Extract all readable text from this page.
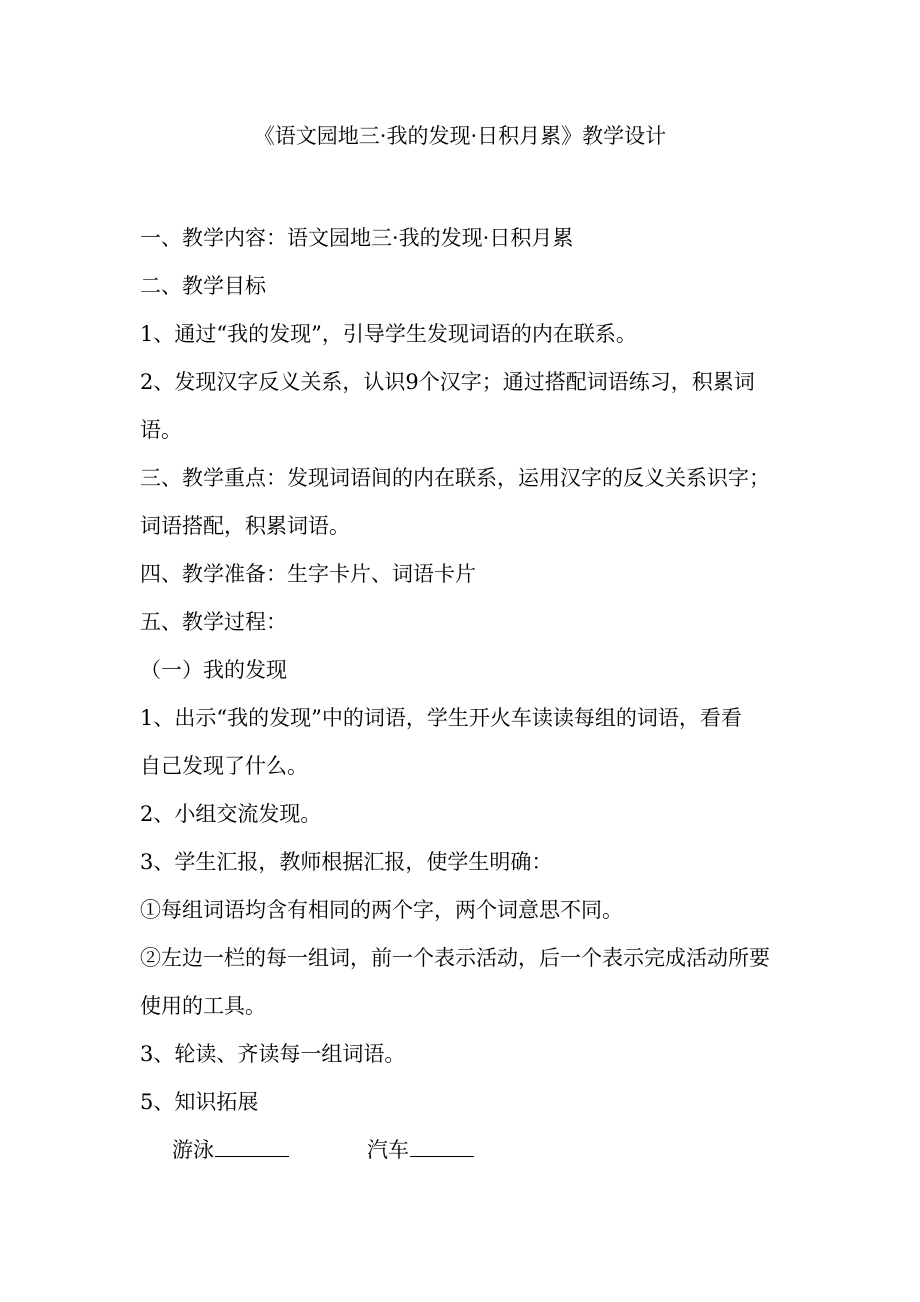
《语文园地三·我的发现·日积月累》教学设计
一、教学内容：语文园地三·我的发现·日积月累
二、教学目标
1、通过“我的发现”，引导学生发现词语的内在联系。
2、发现汉字反义关系，认识9个汉字；通过搭配词语练习，积累词
语。
三、教学重点：发现词语间的内在联系，运用汉字的反义关系识字；
词语搭配，积累词语。
四、教学准备：生字卡片、词语卡片
五、教学过程：
（一）我的发现
1、出示“我的发现”中的词语，学生开火车读读每组的词语，看看
自己发现了什么。
2、小组交流发现。
3、学生汇报，教师根据汇报，使学生明确：
①每组词语均含有相同的两个字，两个词意思不同。
②左边一栏的每一组词，前一个表示活动，后一个表示完成活动所要
使用的工具。
3、轮读、齐读每一组词语。
5、知识拓展
游泳	汽车
